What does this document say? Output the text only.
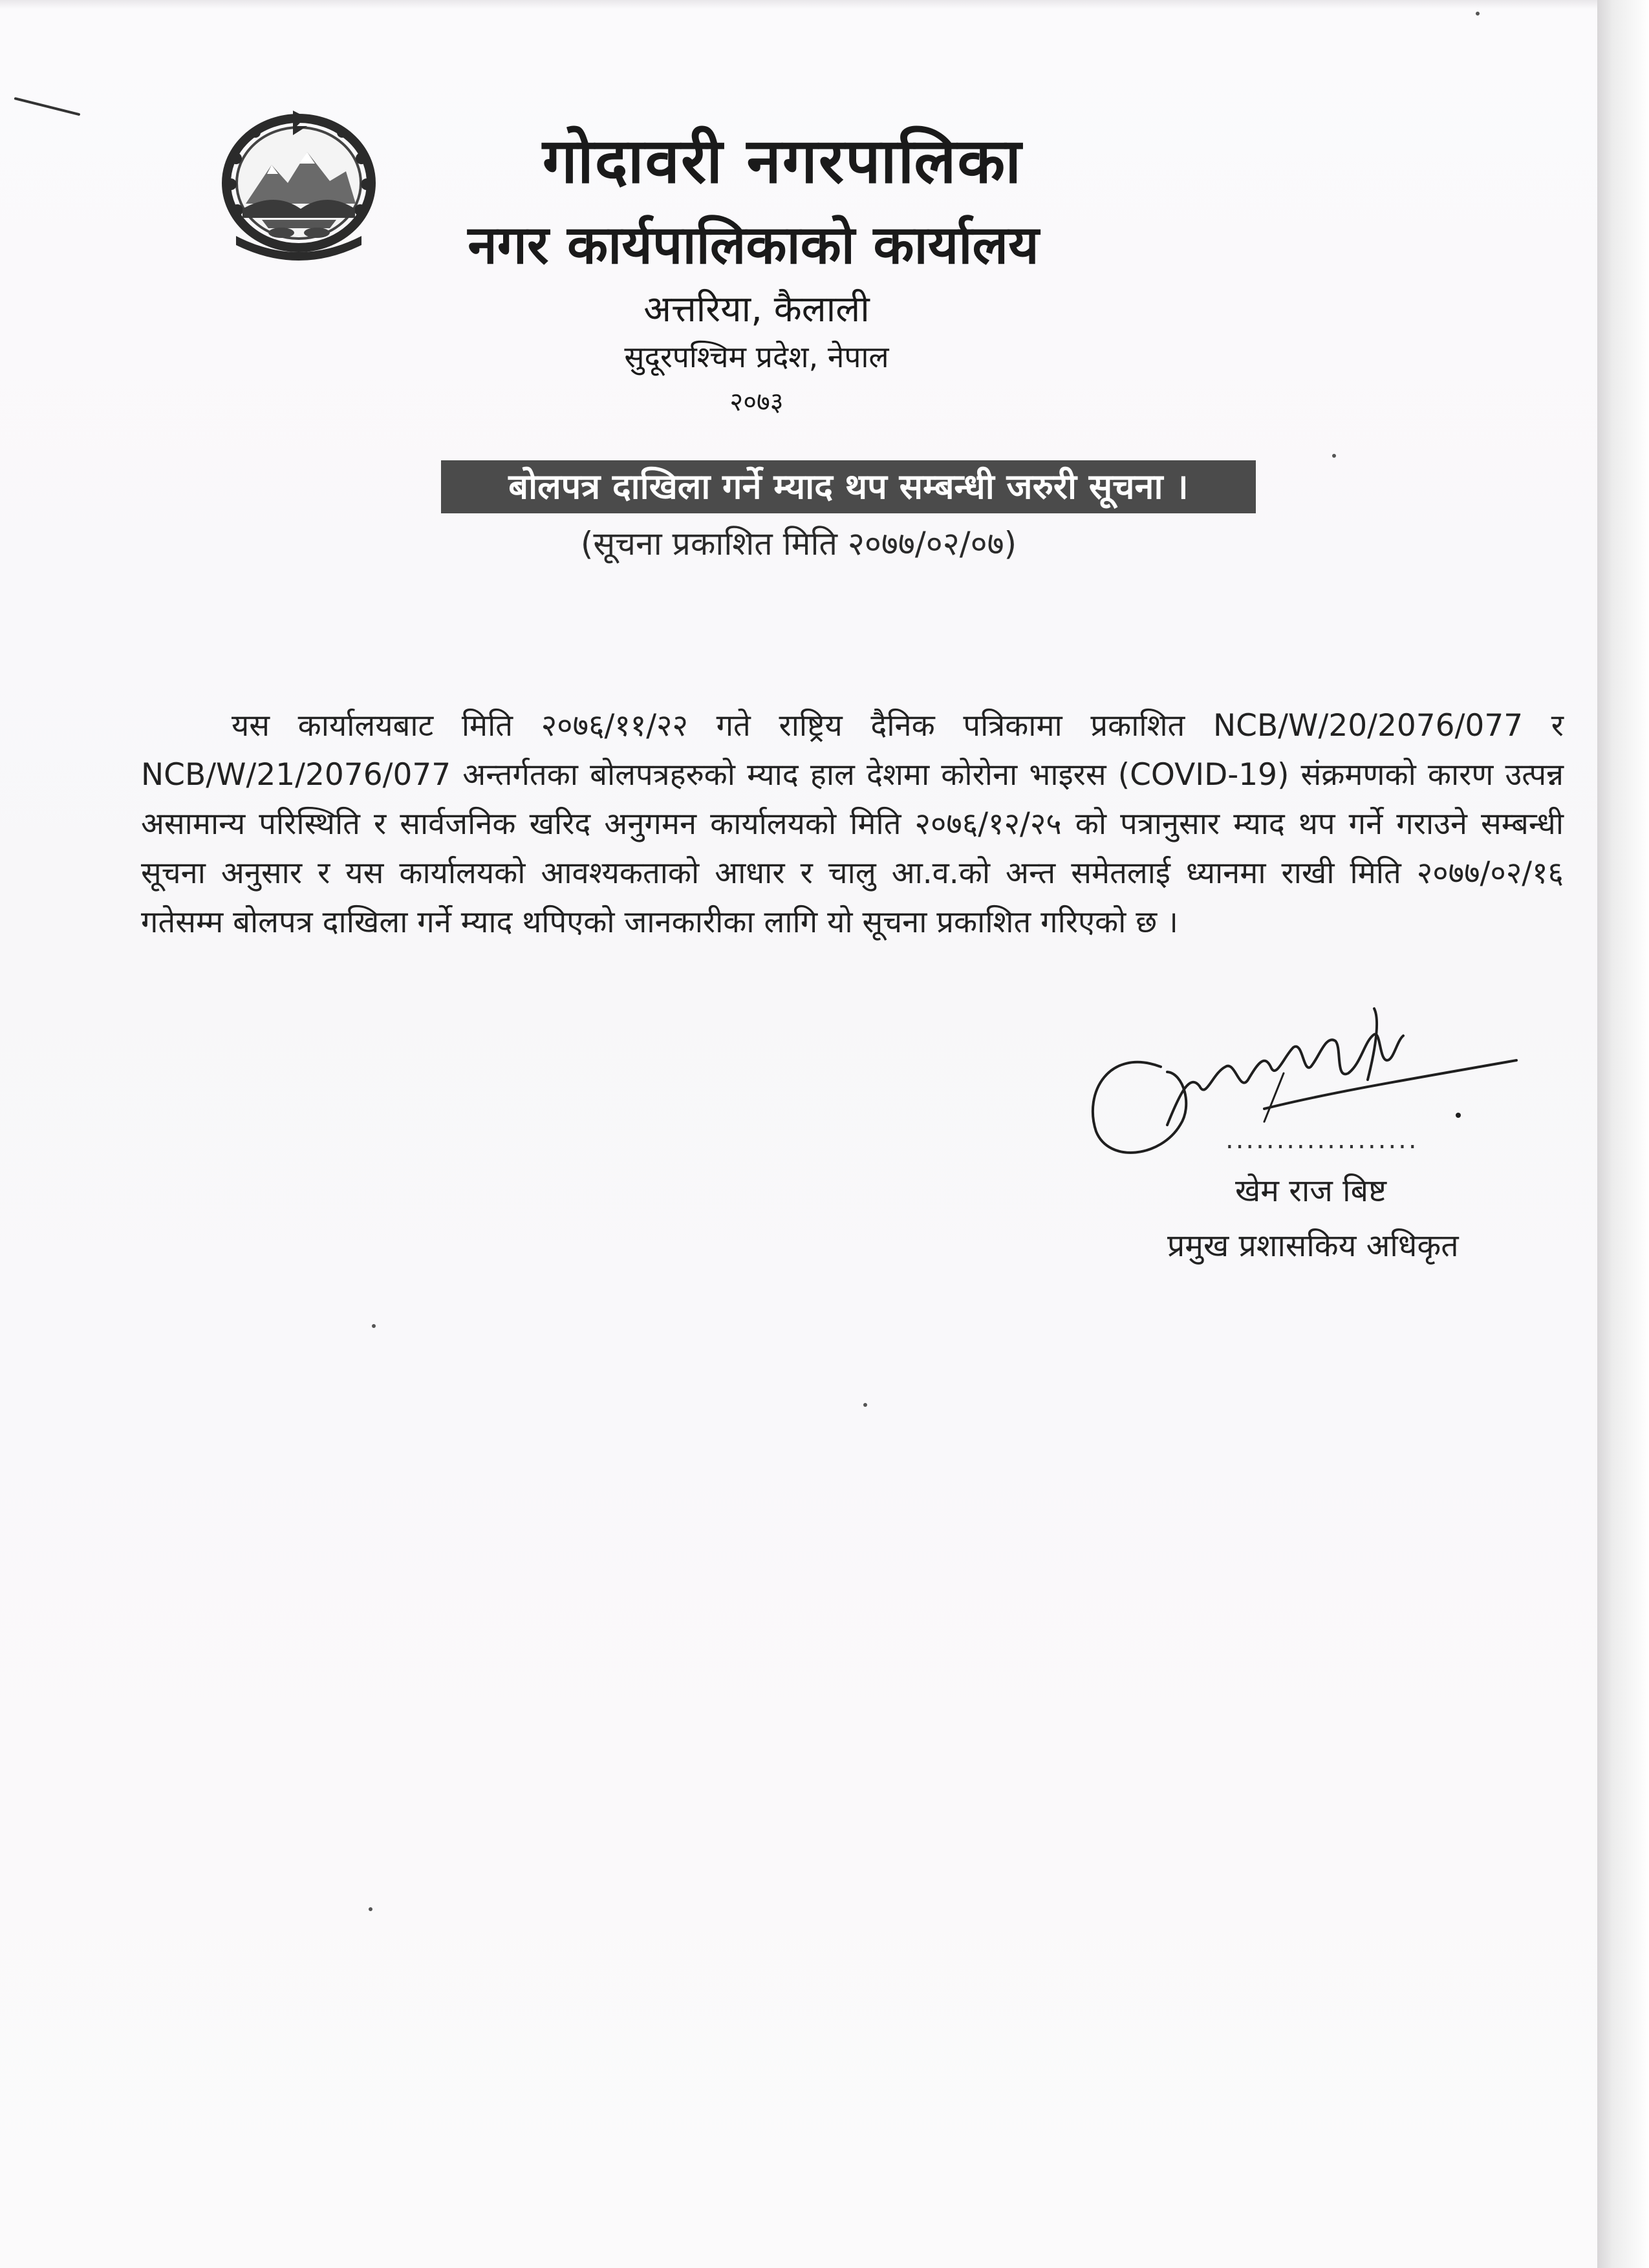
गोदावरी नगरपालिका
नगर कार्यपालिकाको कार्यालय
अत्तरिया, कैलाली
सुदूरपश्चिम प्रदेश, नेपाल
२०७३
बोलपत्र दाखिला गर्ने म्याद थप सम्बन्धी जरुरी सूचना ।
(सूचना प्रकाशित मिति २०७७/०२/०७)
यस कार्यालयबाट मिति २०७६/११/२२ गते राष्ट्रिय दैनिक पत्रिकामा प्रकाशित NCB/W/20/2076/077 र NCB/W/21/2076/077 अन्तर्गतका बोलपत्रहरुको म्याद हाल देशमा कोरोना भाइरस (COVID-19) संक्रमणको कारण उत्पन्न असामान्य परिस्थिति र सार्वजनिक खरिद अनुगमन कार्यालयको मिति २०७६/१२/२५ को पत्रानुसार म्याद थप गर्ने गराउने सम्बन्धी सूचना अनुसार र यस कार्यालयको आवश्यकताको आधार र चालु आ.व.को अन्त समेतलाई ध्यानमा राखी मिति २०७७/०२/१६ गतेसम्म बोलपत्र दाखिला गर्ने म्याद थपिएको जानकारीका लागि यो सूचना प्रकाशित गरिएको छ ।
...................
खेम राज बिष्ट
प्रमुख प्रशासकिय अधिकृत
